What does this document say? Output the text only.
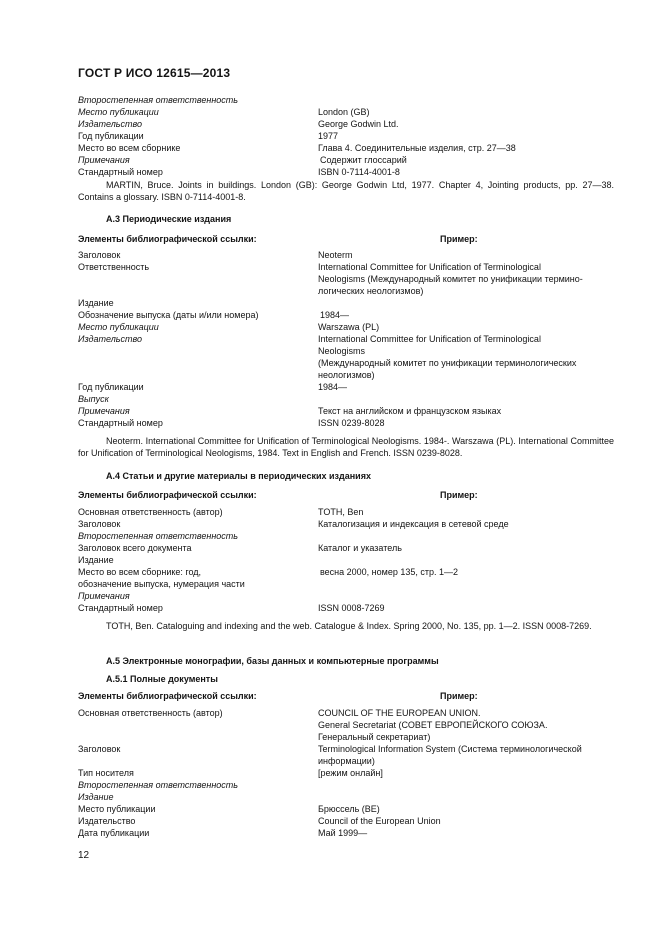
ГОСТ Р ИСО 12615—2013
Второстепенная ответственность
Место публикации	London (GB)
Издательство	George Godwin Ltd.
Год публикации	1977
Место во всем сборнике	Глава 4. Соединительные изделия, стр. 27—38
Примечания	Содержит глоссарий
Стандартный номер	ISBN 0-7114-4001-8
MARTIN, Bruce. Joints in buildings. London (GB): George Godwin Ltd, 1977. Chapter 4, Jointing products, pp. 27—38. Contains a glossary. ISBN 0-7114-4001-8.
А.3 Периодические издания
Элементы библиографической ссылки:	Пример:
Заголовок	Neoterm
Ответственность	International Committee for Unification of Terminological
Neologisms (Международный комитет по унификации термино-
логических неологизмов)
Издание
Обозначение выпуска (даты и/или номера)	1984—
Место публикации	Warszawa (PL)
Издательство	International Committee for Unification of Terminological
Neologisms
(Международный комитет по унификации терминологических
неологизмов)
Год публикации	1984—
Выпуск
Примечания	Текст на английском и французском языках
Стандартный номер	ISSN 0239-8028
Neoterm. International Committee for Unification of Terminological Neologisms. 1984-. Warszawa (PL). International Committee for Unification of Terminological Neologisms, 1984. Text in English and French. ISSN 0239-8028.
А.4 Статьи и другие материалы в периодических изданиях
Элементы библиографической ссылки:	Пример:
Основная ответственность (автор)	TOTH, Ben
Заголовок	Каталогизация и индексация в сетевой среде
Второстепенная ответственность
Заголовок всего документа	Каталог и указатель
Издание
Место во всем сборнике: год,	весна 2000, номер 135, стр. 1—2
обозначение выпуска, нумерация части
Примечания
Стандартный номер	ISSN 0008-7269
TOTH, Ben. Cataloguing and indexing and the web. Catalogue & Index. Spring 2000, No. 135, pp. 1—2. ISSN 0008-7269.
А.5 Электронные монографии, базы данных и компьютерные программы
А.5.1 Полные документы
Элементы библиографической ссылки:	Пример:
Основная ответственность (автор)	COUNCIL OF THE EUROPEAN UNION.
General Secretariat (СОВЕТ ЕВРОПЕЙСКОГО СОЮЗА.
Генеральный секретариат)
Заголовок	Terminological Information System (Система терминологической
информации)
Тип носителя	[режим онлайн]
Второстепенная ответственность
Издание
Место публикации	Брюссель (BE)
Издательство	Council of the European Union
Дата публикации	Май 1999—
12
